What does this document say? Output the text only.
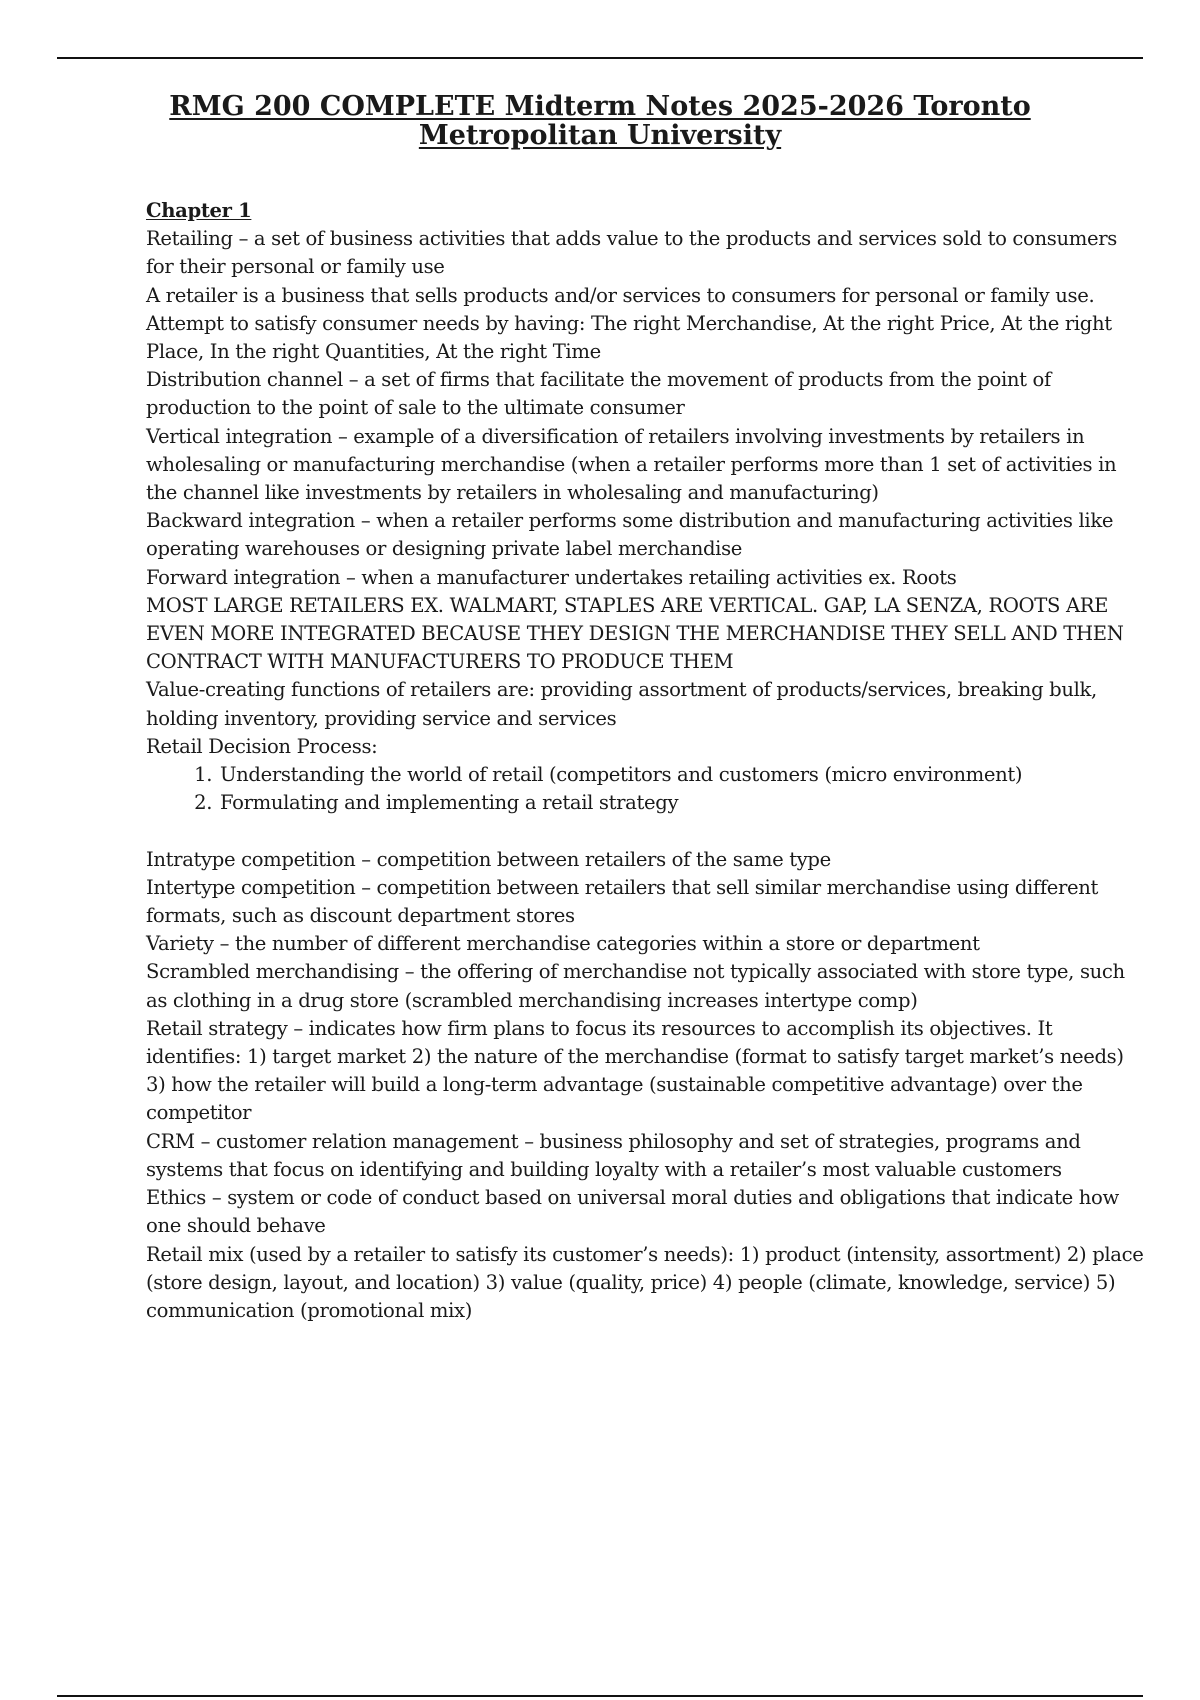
RMG 200 COMPLETE Midterm Notes 2025-2026 Toronto Metropolitan University

Chapter 1

Retailing – a set of business activities that adds value to the products and services sold to consumers for their personal or family use

A retailer is a business that sells products and/or services to consumers for personal or family use.

Attempt to satisfy consumer needs by having: The right Merchandise, At the right Price, At the right Place, In the right Quantities, At the right Time

Distribution channel – a set of firms that facilitate the movement of products from the point of production to the point of sale to the ultimate consumer

Vertical integration – example of a diversification of retailers involving investments by retailers in wholesaling or manufacturing merchandise (when a retailer performs more than 1 set of activities in the channel like investments by retailers in wholesaling and manufacturing)

Backward integration – when a retailer performs some distribution and manufacturing activities like operating warehouses or designing private label merchandise

Forward integration – when a manufacturer undertakes retailing activities ex. Roots

MOST LARGE RETAILERS EX. WALMART, STAPLES ARE VERTICAL. GAP, LA SENZA, ROOTS ARE EVEN MORE INTEGRATED BECAUSE THEY DESIGN THE MERCHANDISE THEY SELL AND THEN CONTRACT WITH MANUFACTURERS TO PRODUCE THEM

Value-creating functions of retailers are: providing assortment of products/services, breaking bulk, holding inventory, providing service and services

Retail Decision Process:

1. Understanding the world of retail (competitors and customers (micro environment)
2. Formulating and implementing a retail strategy

Intratype competition – competition between retailers of the same type

Intertype competition – competition between retailers that sell similar merchandise using different formats, such as discount department stores

Variety – the number of different merchandise categories within a store or department

Scrambled merchandising – the offering of merchandise not typically associated with store type, such as clothing in a drug store (scrambled merchandising increases intertype comp)

Retail strategy – indicates how firm plans to focus its resources to accomplish its objectives. It identifies: 1) target market 2) the nature of the merchandise (format to satisfy target market’s needs) 3) how the retailer will build a long-term advantage (sustainable competitive advantage) over the competitor

CRM – customer relation management – business philosophy and set of strategies, programs and systems that focus on identifying and building loyalty with a retailer’s most valuable customers

Ethics – system or code of conduct based on universal moral duties and obligations that indicate how one should behave

Retail mix (used by a retailer to satisfy its customer’s needs): 1) product (intensity, assortment) 2) place (store design, layout, and location) 3) value (quality, price) 4) people (climate, knowledge, service) 5) communication (promotional mix)
